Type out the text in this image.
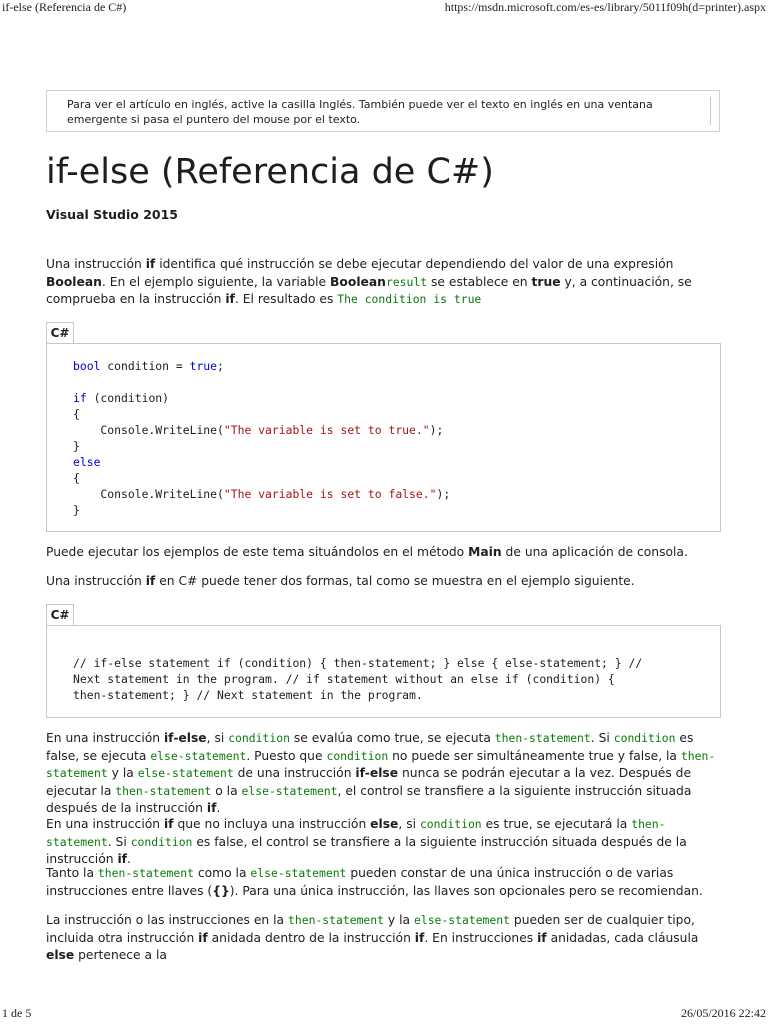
if-else (Referencia de C#)	https://msdn.microsoft.com/es-es/library/5011f09h(d=printer).aspx
Para ver el artículo en inglés, active la casilla Inglés. También puede ver el texto en inglés en una ventana emergente si pasa el puntero del mouse por el texto.
if-else (Referencia de C#)
Visual Studio 2015
Una instrucción if identifica qué instrucción se debe ejecutar dependiendo del valor de una expresión Boolean. En el ejemplo siguiente, la variable Booleanresult se establece en true y, a continuación, se comprueba en la instrucción if. El resultado es The condition is true
C#
bool condition = true;

if (condition)
{
Console.WriteLine("The variable is set to true.");
}
else
{
Console.WriteLine("The variable is set to false.");
}
Puede ejecutar los ejemplos de este tema situándolos en el método Main de una aplicación de consola.
Una instrucción if en C# puede tener dos formas, tal como se muestra en el ejemplo siguiente.
C#
// if-else statement if (condition) { then-statement; } else { else-statement; } //
Next statement in the program. // if statement without an else if (condition) {
then-statement; } // Next statement in the program.
En una instrucción if-else, si condition se evalúa como true, se ejecuta then-statement. Si condition es false, se ejecuta else-statement. Puesto que condition no puede ser simultáneamente true y false, la then-statement y la else-statement de una instrucción if-else nunca se podrán ejecutar a la vez. Después de ejecutar la then-statement o la else-statement, el control se transfiere a la siguiente instrucción situada después de la instrucción if.
En una instrucción if que no incluya una instrucción else, si condition es true, se ejecutará la then-statement. Si condition es false, el control se transfiere a la siguiente instrucción situada después de la instrucción if.
Tanto la then-statement como la else-statement pueden constar de una única instrucción o de varias instrucciones entre llaves ({}). Para una única instrucción, las llaves son opcionales pero se recomiendan.
La instrucción o las instrucciones en la then-statement y la else-statement pueden ser de cualquier tipo, incluida otra instrucción if anidada dentro de la instrucción if. En instrucciones if anidadas, cada cláusula else pertenece a la
1 de 5	26/05/2016 22:42
